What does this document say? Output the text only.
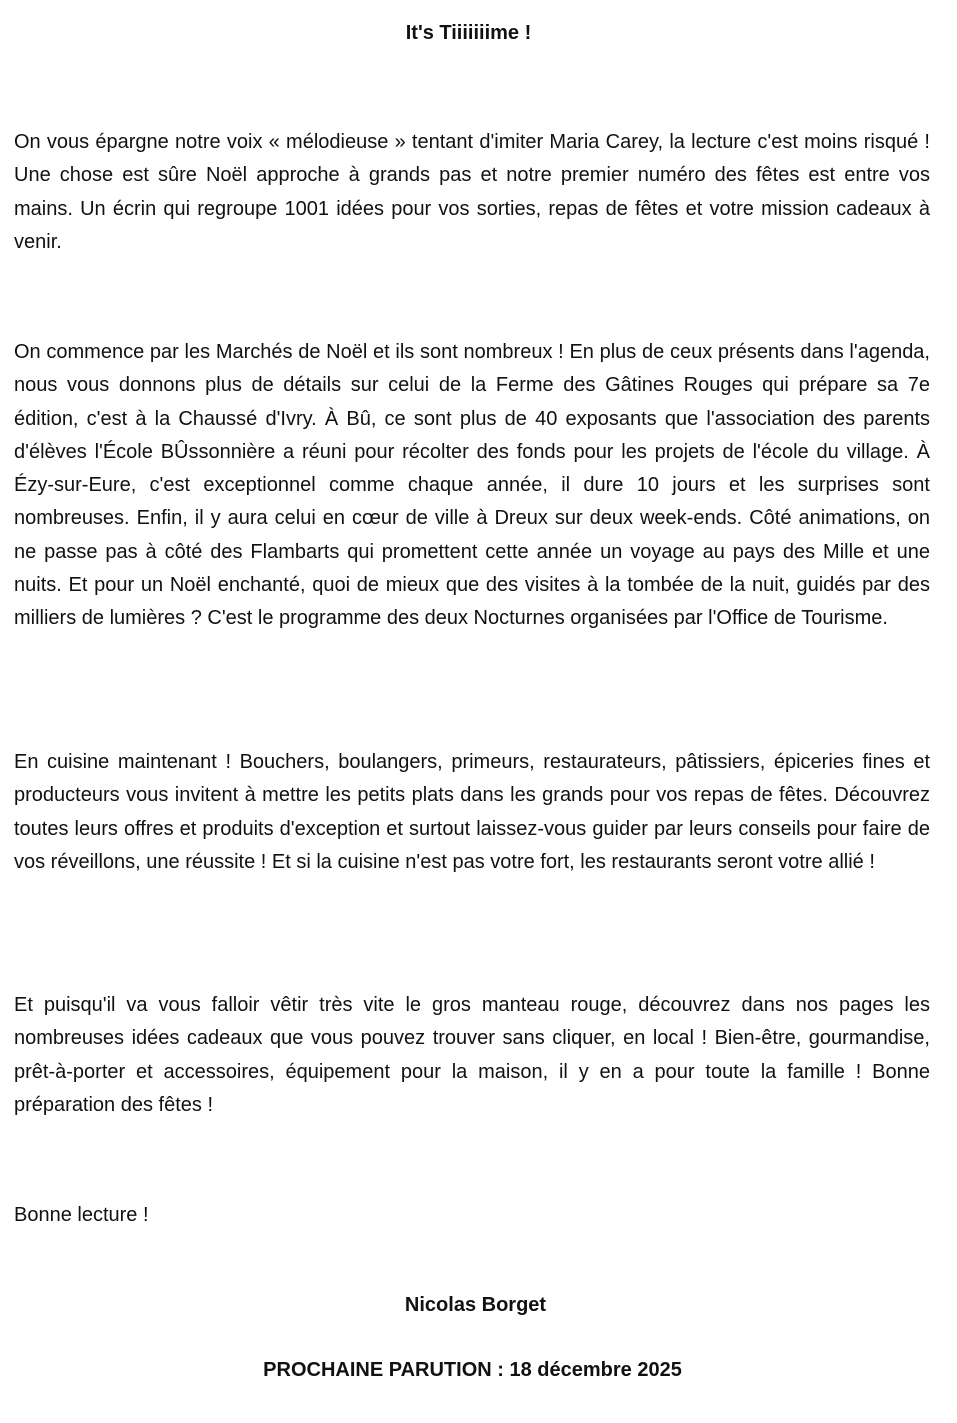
It's Tiiiiiiime !

On vous épargne notre voix « mélodieuse » tentant d'imiter Maria Carey, la lecture c'est moins risqué ! Une chose est sûre Noël approche à grands pas et notre premier numéro des fêtes est entre vos mains. Un écrin qui regroupe 1001 idées pour vos sorties, repas de fêtes et votre mission cadeaux à venir.

On commence par les Marchés de Noël et ils sont nombreux ! En plus de ceux présents dans l'agenda, nous vous donnons plus de détails sur celui de la Ferme des Gâtines Rouges qui prépare sa 7e édition, c'est à la Chaussé d'Ivry. À Bû, ce sont plus de 40 exposants que l'association des parents d'élèves l'École BÛssonnière a réuni pour récolter des fonds pour les projets de l'école du village. À Ézy-sur-Eure, c'est exceptionnel comme chaque année, il dure 10 jours et les surprises sont nombreuses. Enfin, il y aura celui en cœur de ville à Dreux sur deux week-ends. Côté animations, on ne passe pas à côté des Flambarts qui promettent cette année un voyage au pays des Mille et une nuits. Et pour un Noël enchanté, quoi de mieux que des visites à la tombée de la nuit, guidés par des milliers de lumières ? C'est le programme des deux Nocturnes organisées par l'Office de Tourisme.

En cuisine maintenant ! Bouchers, boulangers, primeurs, restaurateurs, pâtissiers, épiceries fines et producteurs vous invitent à mettre les petits plats dans les grands pour vos repas de fêtes. Découvrez toutes leurs offres et produits d'exception et surtout laissez-vous guider par leurs conseils pour faire de vos réveillons, une réussite ! Et si la cuisine n'est pas votre fort, les restaurants seront votre allié !

Et puisqu'il va vous falloir vêtir très vite le gros manteau rouge, découvrez dans nos pages les nombreuses idées cadeaux que vous pouvez trouver sans cliquer, en local ! Bien-être, gourmandise, prêt-à-porter et accessoires, équipement pour la maison, il y en a pour toute la famille ! Bonne préparation des fêtes !

Bonne lecture !

Nicolas Borget

PROCHAINE PARUTION : 18 décembre 2025
